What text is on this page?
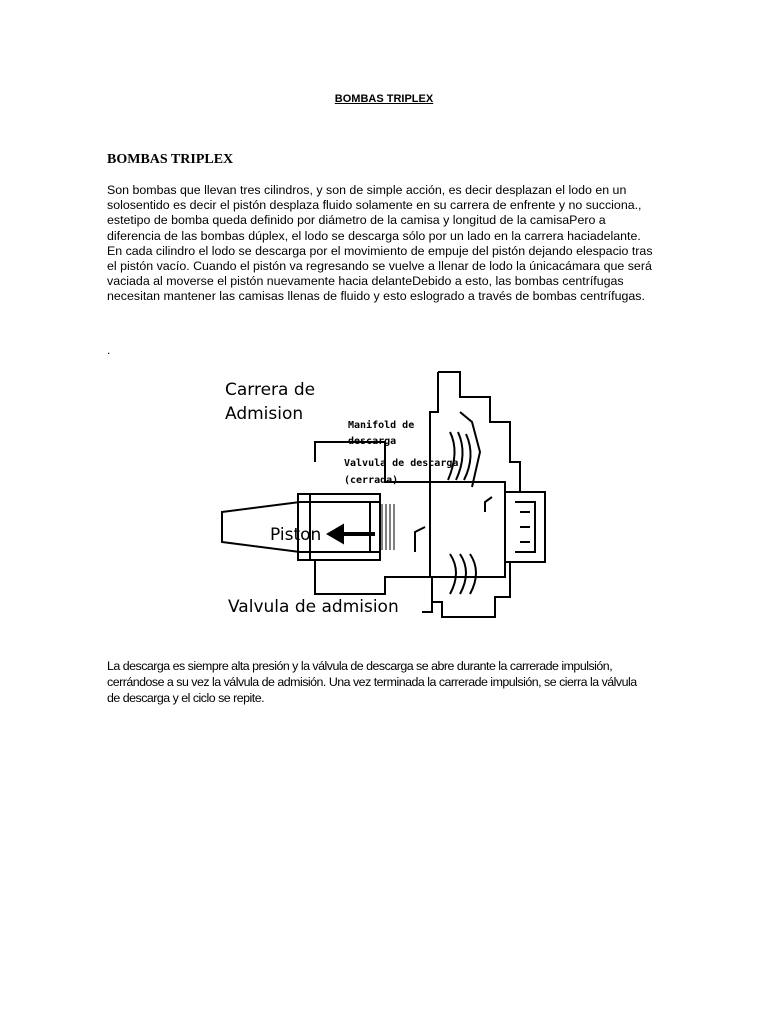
BOMBAS TRIPLEX
BOMBAS TRIPLEX
Son bombas que llevan tres cilindros, y son de simple acción, es decir desplazan el lodo en un
solosentido es decir el pistón desplaza fluido solamente en su carrera de enfrente y no succiona.,
estetipo de bomba queda definido por diámetro de la camisa y longitud de la camisaPero a
diferencia de las bombas dúplex, el lodo se descarga sólo por un lado en la carrera haciadelante.
En cada cilindro el lodo se descarga por el movimiento de empuje del pistón dejando elespacio tras
el pistón vacío. Cuando el pistón va regresando se vuelve a llenar de lodo la únicacámara que será
vaciada al moverse el pistón nuevamente hacia delanteDebido a esto, las bombas centrífugas
necesitan mantener las camisas llenas de fluido y esto eslogrado a través de bombas centrífugas.
.
Carrera de
Admision
Manifold de
descarga
Valvula de descarga
(cerrada)
Piston
Valvula de admision
La descarga es siempre alta presión y la válvula de descarga se abre durante la carrerade impulsión,
cerrándose a su vez la válvula de admisión. Una vez terminada la carrerade impulsión, se cierra la válvula
de descarga y el ciclo se repite.
